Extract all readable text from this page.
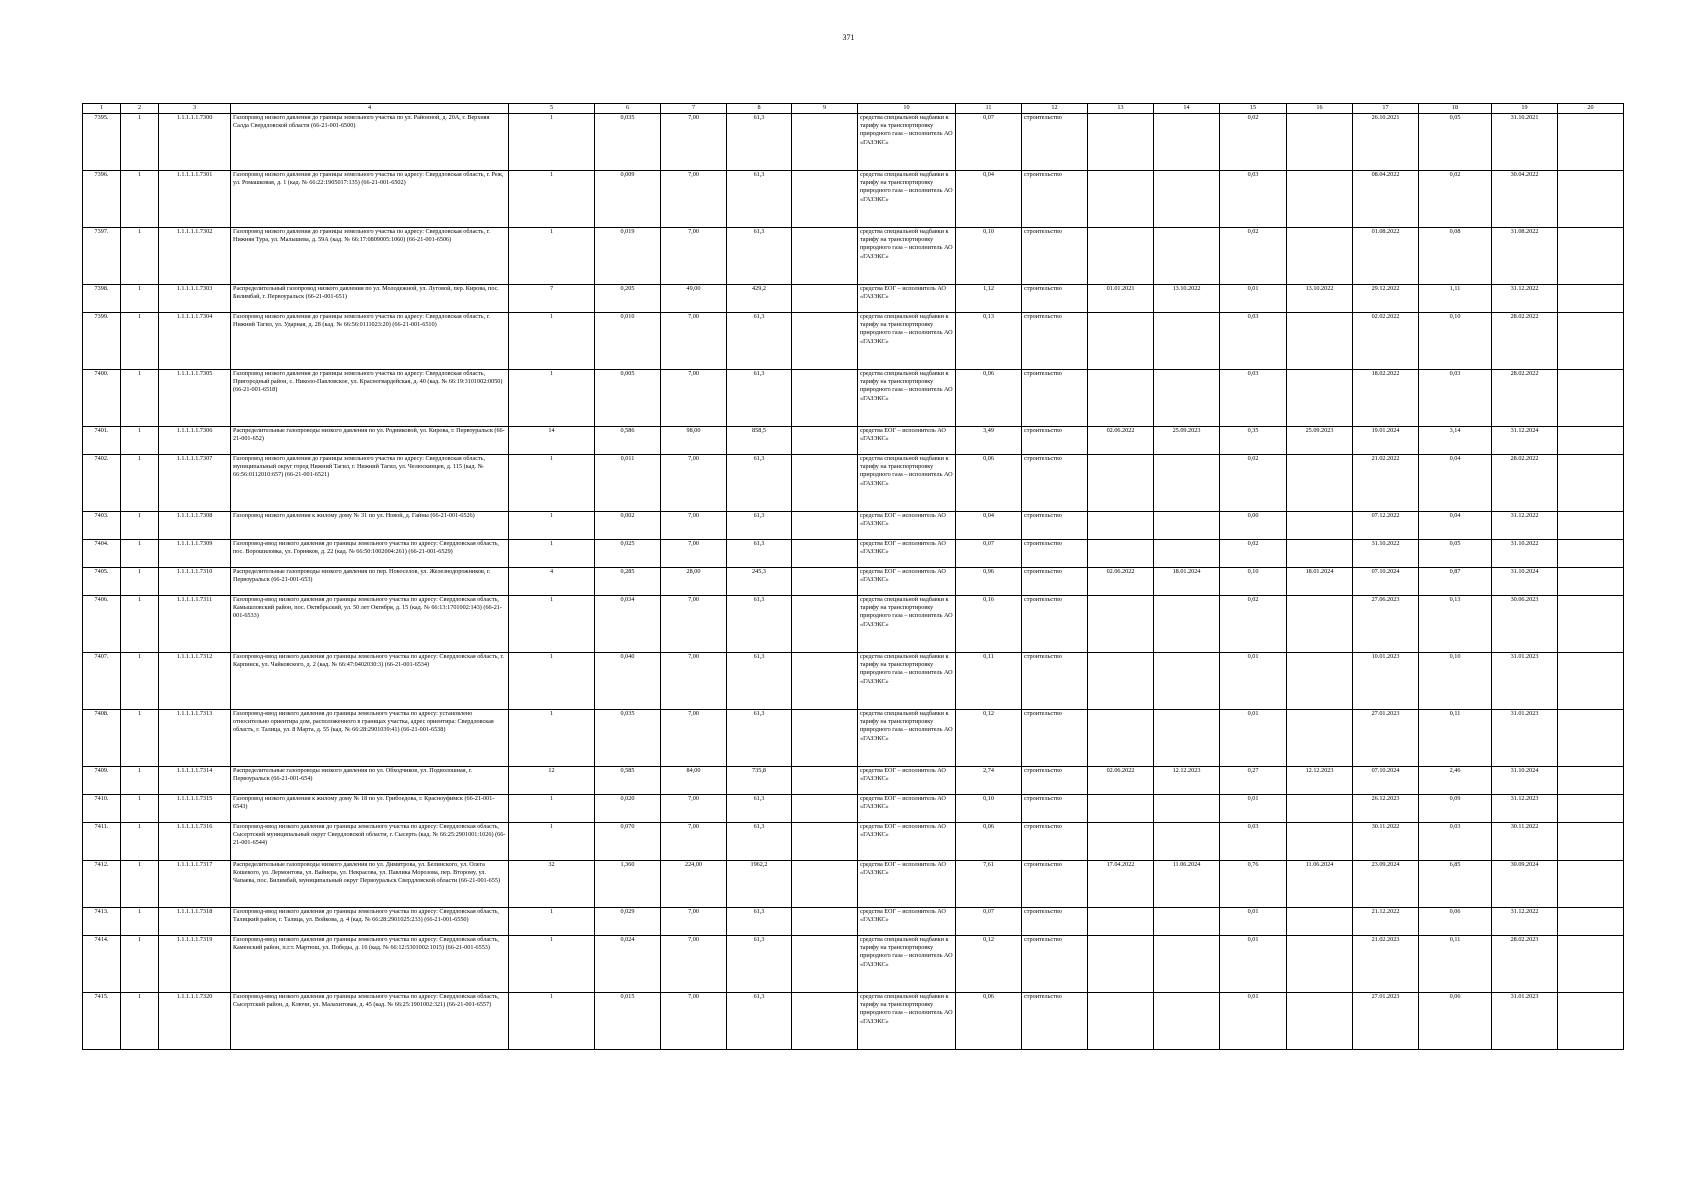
371
1	2	3	4	5	6	7	8	9	10	11	12	13	14	15	16	17	18	19	20
7395.	1	1.1.1.1.1.7300	Газопровод низкого давления до границы земельного участка по ул. Районной, д. 20А, г. Верхняя Салда Свердловской области (66-21-001-6500)	1	0,035	7,00	61,3		средства специальной надбавки к тарифу на транспортировку природного газа – исполнитель АО «ГАЗЭКС»	0,07	строительство			0,02		26.10.2021	0,05	31.10.2021	
7396.	1	1.1.1.1.1.7301	Газопровод низкого давления до границы земельного участка по адресу: Свердловская область, г. Реж, ул. Ромашковая, д. 1 (кад. № 66:22:1905017:135) (66-21-001-6502)	1	0,009	7,00	61,3		средства специальной надбавки к тарифу на транспортировку природного газа – исполнитель АО «ГАЗЭКС»	0,04	строительство			0,03		08.04.2022	0,02	30.04.2022	
7397.	1	1.1.1.1.1.7302	Газопровод низкого давления до границы земельного участка по адресу: Свердловская область, г. Нижняя Тура, ул. Малышева, д. 59А (кад. № 66:17:0809005:1060) (66-21-001-6506)	1	0,019	7,00	61,3		средства специальной надбавки к тарифу на транспортировку природного газа – исполнитель АО «ГАЗЭКС»	0,10	строительство			0,02		01.08.2022	0,08	31.08.2022	
7398.	1	1.1.1.1.1.7303	Распределительный газопровод низкого давления по ул. Молодежной, ул. Луговой, пер. Кирова, пос. Билимбай, г. Первоуральск (66-21-001-651)	7	0,205	49,00	429,2		средства ЕОГ – исполнитель АО «ГАЗЭКС»	1,12	строительство	01.01.2021	13.10.2022	0,01	13.10.2022	29.12.2022	1,11	31.12.2022	
7399.	1	1.1.1.1.1.7304	Газопровод низкого давления до границы земельного участка по адресу: Свердловская область, г. Нижний Тагил, ул. Ударная, д. 28 (кад. № 66:56:0111023:20) (66-21-001-6510)	1	0,010	7,00	61,3		средства специальной надбавки к тарифу на транспортировку природного газа – исполнитель АО «ГАЗЭКС»	0,13	строительство			0,03		02.02.2022	0,10	28.02.2022	
7400.	1	1.1.1.1.1.7305	Газопровод низкого давления до границы земельного участка по адресу: Свердловская область, Пригородный район, с. Николо-Павловское, ул. Красногвардейская, д. 40 (кад. № 66:19:3101002:0050) (66-21-001-6518)	1	0,005	7,00	61,3		средства специальной надбавки к тарифу на транспортировку природного газа – исполнитель АО «ГАЗЭКС»	0,06	строительство			0,03		18.02.2022	0,03	28.02.2022	
7401.	1	1.1.1.1.1.7306	Распределительные газопроводы низкого давления по ул. Родниковой, ул. Кирова, г. Первоуральск (66-21-001-652)	14	0,586	98,00	858,5		средства ЕОГ – исполнитель АО «ГАЗЭКС»	3,49	строительство	02.06.2022	25.09.2023	0,35	25.09.2023	19.01.2024	3,14	31.12.2024	
7402.	1	1.1.1.1.1.7307	Газопровод низкого давления до границы земельного участка по адресу: Свердловская область, муниципальный округ город Нижний Тагил, г. Нижний Тагил, ул. Челюскинцев, д. 115 (кад. № 66:56:0112010:657) (66-21-001-6521)	1	0,011	7,00	61,3		средства специальной надбавки к тарифу на транспортировку природного газа – исполнитель АО «ГАЗЭКС»	0,06	строительство			0,02		21.02.2022	0,04	28.02.2022	
7403.	1	1.1.1.1.1.7308	Газопровод низкого давления к жилому дому № 31 по ул. Новой, д. Гайны (66-21-001-6526)	1	0,002	7,00	61,3		средства ЕОГ – исполнитель АО «ГАЗЭКС»	0,04	строительство			0,00		07.12.2022	0,04	31.12.2022	
7404.	1	1.1.1.1.1.7309	Газопровод-ввод низкого давления до границы земельного участка по адресу: Свердловская область, пос. Ворошиловка, ул. Горняков, д. 22 (кад. № 66:50:1002004:261) (66-21-001-6529)	1	0,025	7,00	61,3		средства ЕОГ – исполнитель АО «ГАЗЭКС»	0,07	строительство			0,02		31.10.2022	0,05	31.10.2022	
7405.	1	1.1.1.1.1.7310	Распределительные газопроводы низкого давления по пер. Новоселов, ул. Железнодорожников, г. Первоуральск (66-21-001-653)	4	0,285	28,00	245,3		средства ЕОГ – исполнитель АО «ГАЗЭКС»	0,96	строительство	02.06.2022	18.01.2024	0,10	18.01.2024	07.10.2024	0,87	31.10.2024	
7406.	1	1.1.1.1.1.7311	Газопровод-ввод низкого давления до границы земельного участка по адресу: Свердловская область, Камышловский район, пос. Октябрьский, ул. 50 лет Октября, д. 15 (кад. № 66:13:1701002:143) (66-21-001-6533)	1	0,034	7,00	61,3		средства специальной надбавки к тарифу на транспортировку природного газа – исполнитель АО «ГАЗЭКС»	0,16	строительство			0,02		27.06.2023	0,13	30.06.2023	
7407.	1	1.1.1.1.1.7312	Газопровод-ввод низкого давления до границы земельного участка по адресу: Свердловская область, г. Карпинск, ул. Чайковского, д. 2 (кад. № 66:47:0402030:3) (66-21-001-6534)	1	0,040	7,00	61,3		средства специальной надбавки к тарифу на транспортировку природного газа – исполнитель АО «ГАЗЭКС»	0,11	строительство			0,01		10.01.2023	0,10	31.01.2023	
7408.	1	1.1.1.1.1.7313	Газопровод-ввод низкого давления до границы земельного участка по адресу: установлено относительно ориентира дом, расположенного в границах участка, адрес ориентира: Свердловская область, г. Талица, ул. 8 Марта, д. 55 (кад. № 66:28:2901039:41) (66-21-001-6538)	1	0,035	7,00	61,3		средства специальной надбавки к тарифу на транспортировку природного газа – исполнитель АО «ГАЗЭКС»	0,12	строительство			0,01		27.01.2023	0,11	31.01.2023	
7409.	1	1.1.1.1.1.7314	Распределительные газопроводы низкого давления по ул. Обходчиков, ул. Подволошная, г. Первоуральск (66-21-001-654)	12	0,585	84,00	735,8		средства ЕОГ – исполнитель АО «ГАЗЭКС»	2,74	строительство	02.06.2022	12.12.2023	0,27	12.12.2023	07.10.2024	2,46	31.10.2024	
7410.	1	1.1.1.1.1.7315	Газопровод низкого давления к жилому дому № 18 по ул. Грибоедова, г. Красноуфимск (66-21-001-6543)	1	0,020	7,00	61,3		средства ЕОГ – исполнитель АО «ГАЗЭКС»	0,10	строительство			0,01		26.12.2023	0,09	31.12.2023	
7411.	1	1.1.1.1.1.7316	Газопровод-ввод низкого давления до границы земельного участка по адресу: Свердловская область, Сысертский муниципальный округ Свердловской области, г. Сысерть (кад. № 66:25:2901001:1026) (66-21-001-6544)	1	0,070	7,00	61,3		средства ЕОГ – исполнитель АО «ГАЗЭКС»	0,06	строительство			0,03		30.11.2022	0,03	30.11.2022	
7412.	1	1.1.1.1.1.7317	Распределительные газопроводы низкого давления по ул. Димитрова, ул. Белинского, ул. Олега Кошевого, ул. Лермонтова, ул. Вайнера, ул. Некрасова, ул. Павлика Морозова, пер. Второму, ул. Чапаева, пос. Билимбай, муниципальный округ Первоуральск Свердловской области (66-21-001-655)	32	1,360	224,00	1962,2		средства ЕОГ – исполнитель АО «ГАЗЭКС»	7,61	строительство	17.04.2022	11.06.2024	0,76	11.06.2024	23.09.2024	6,85	30.09.2024	
7413.	1	1.1.1.1.1.7318	Газопровод-ввод низкого давления до границы земельного участка по адресу: Свердловская область, Талицкий район, г. Талица, ул. Войкова, д. 4 (кад. № 66:28:2901025:233) (66-21-001-6550)	1	0,029	7,00	61,3		средства ЕОГ – исполнитель АО «ГАЗЭКС»	0,07	строительство			0,01		21.12.2022	0,06	31.12.2022	
7414.	1	1.1.1.1.1.7319	Газопровод-ввод низкого давления до границы земельного участка по адресу: Свердловская область, Каменский район, п.г.т. Мартюш, ул. Победы, д. 16 (кад. № 66:12:5301002:1015) (66-21-001-6553)	1	0,024	7,00	61,3		средства специальной надбавки к тарифу на транспортировку природного газа – исполнитель АО «ГАЗЭКС»	0,12	строительство			0,01		21.02.2023	0,11	28.02.2023	
7415.	1	1.1.1.1.1.7320	Газопровод-ввод низкого давления до границы земельного участка по адресу: Свердловская область, Сысертский район, д. Ключи, ул. Малахитовая, д. 45 (кад. № 66:25:1901002:321) (66-21-001-6557)	1	0,015	7,00	61,3		средства специальной надбавки к тарифу на транспортировку природного газа – исполнитель АО «ГАЗЭКС»	0,06	строительство			0,01		27.01.2023	0,06	31.01.2023	
